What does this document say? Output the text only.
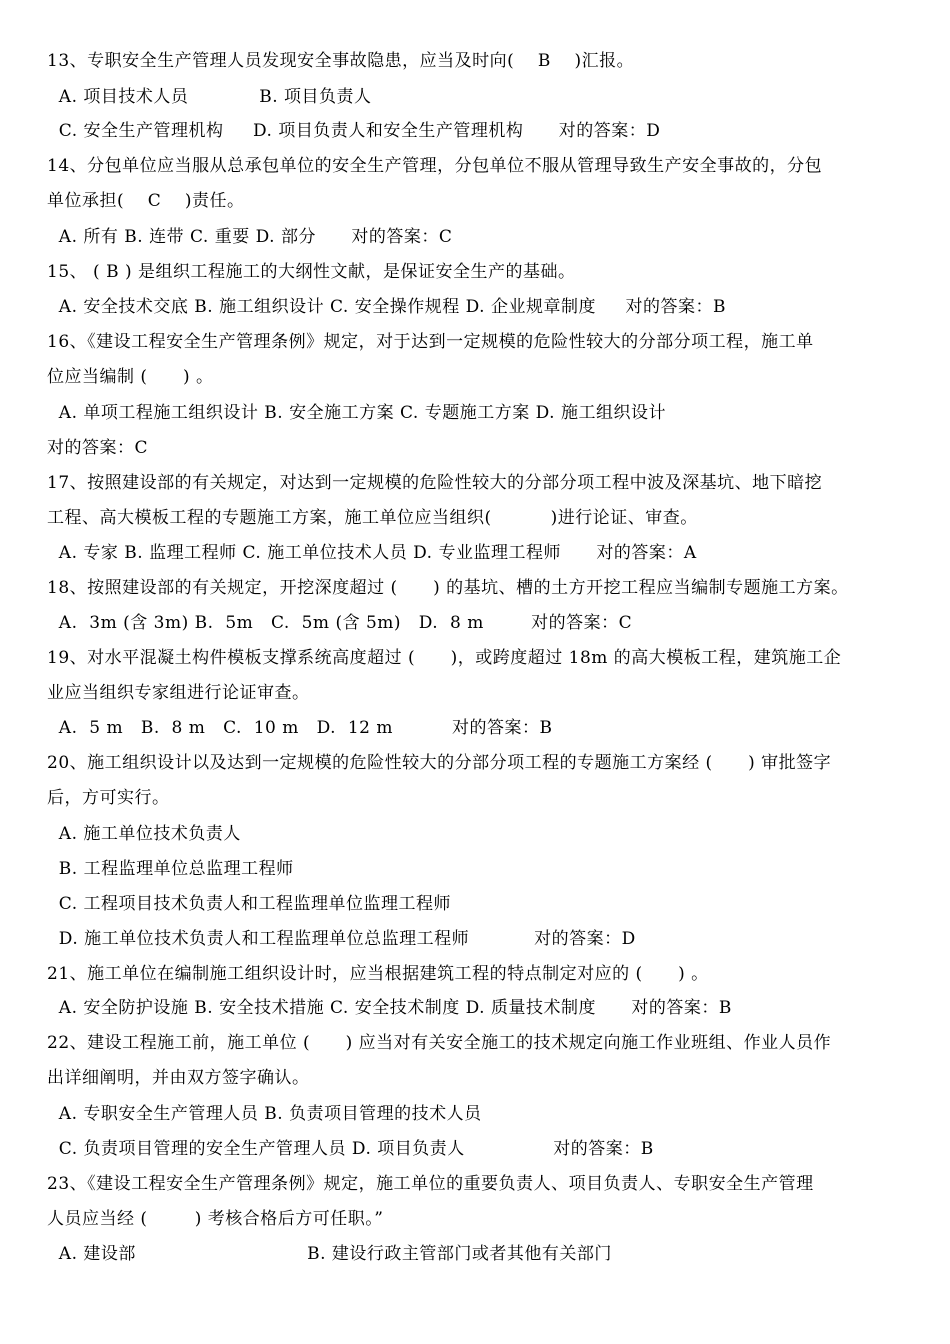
13、专职安全生产管理人员发现安全事故隐患，应当及时向(    B    )汇报。
A. 项目技术人员            B. 项目负责人
C. 安全生产管理机构     D. 项目负责人和安全生产管理机构      对的答案：D
14、分包单位应当服从总承包单位的安全生产管理，分包单位不服从管理导致生产安全事故的，分包
单位承担(    C    )责任。
A. 所有 B. 连带 C. 重要 D. 部分      对的答案：C
15、 ( B ) 是组织工程施工的大纲性文献，是保证安全生产的基础。
A. 安全技术交底 B. 施工组织设计 C. 安全操作规程 D. 企业规章制度     对的答案：B
16、《建设工程安全生产管理条例》规定，对于达到一定规模的危险性较大的分部分项工程，施工单
位应当编制 (      ) 。
A. 单项工程施工组织设计 B. 安全施工方案 C. 专题施工方案 D. 施工组织设计
对的答案：C
17、按照建设部的有关规定，对达到一定规模的危险性较大的分部分项工程中波及深基坑、地下暗挖
工程、高大模板工程的专题施工方案，施工单位应当组织(          )进行论证、审查。
A. 专家 B. 监理工程师 C. 施工单位技术人员 D. 专业监理工程师      对的答案：A
18、按照建设部的有关规定，开挖深度超过 (      ) 的基坑、槽的土方开挖工程应当编制专题施工方案。
A.  3m (含 3m) B.  5m   C.  5m (含 5m)   D.  8 m        对的答案：C
19、对水平混凝土构件模板支撑系统高度超过 (      )，或跨度超过 18m 的高大模板工程，建筑施工企
业应当组织专家组进行论证审查。
A.  5 m   B.  8 m   C.  10 m   D.  12 m          对的答案：B
20、施工组织设计以及达到一定规模的危险性较大的分部分项工程的专题施工方案经 (      ) 审批签字
后，方可实行。
A. 施工单位技术负责人
B. 工程监理单位总监理工程师
C. 工程项目技术负责人和工程监理单位监理工程师
D. 施工单位技术负责人和工程监理单位总监理工程师           对的答案：D
21、施工单位在编制施工组织设计时，应当根据建筑工程的特点制定对应的 (      ) 。
A. 安全防护设施 B. 安全技术措施 C. 安全技术制度 D. 质量技术制度      对的答案：B
22、建设工程施工前，施工单位 (      ) 应当对有关安全施工的技术规定向施工作业班组、作业人员作
出详细阐明，并由双方签字确认。
A. 专职安全生产管理人员 B. 负责项目管理的技术人员
C. 负责项目管理的安全生产管理人员 D. 项目负责人               对的答案：B
23、《建设工程安全生产管理条例》规定，施工单位的重要负责人、项目负责人、专职安全生产管理
人员应当经 (        ) 考核合格后方可任职。”
A. 建设部                             B. 建设行政主管部门或者其他有关部门
